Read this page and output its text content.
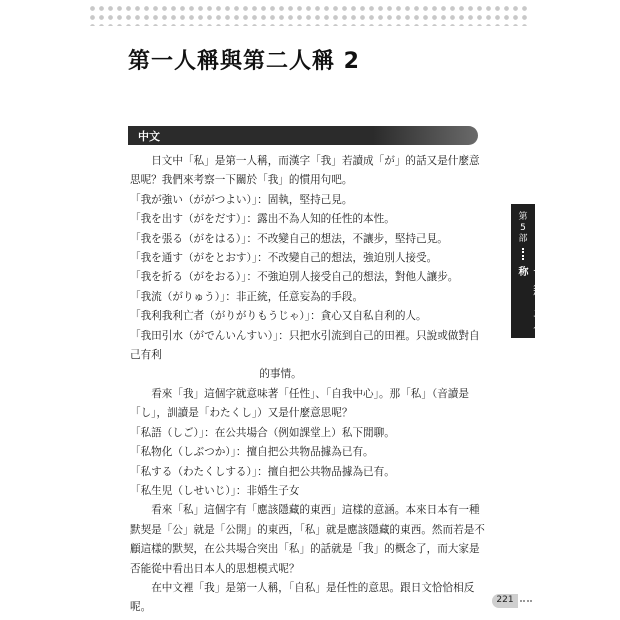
第一人稱與第二人稱 2
中文

日文中「私」是第一人稱，而漢字「我」若讀成「が」的話又是什麼意思呢？我們來考察一下關於「我」的慣用句吧。

「我が強い（ががつよい）」：固執，堅持己見。

「我を出す（がをだす）」：露出不為人知的任性的本性。

「我を張る（がをはる）」：不改變自己的想法，不讓步，堅持己見。

「我を通す（がをとおす）」：不改變自己的想法，強迫別人接受。

「我を折る（がをおる）」：不強迫別人接受自己的想法，對他人讓步。

「我流（がりゅう）」：非正統，任意妄為的手段。

「我利我利亡者（がりがりもうじゃ）」：貪心又自私自利的人。

「我田引水（がでんいんすい）」：只把水引流到自己的田裡。只說或做對自己有利

的事情。

看來「我」這個字就意味著「任性」、「自我中心」。那「私」（音讀是「し」，訓讀是「わたくし」）又是什麼意思呢？

「私語（しご）」：在公共場合（例如課堂上）私下閒聊。

「私物化（しぶつか）」：擅自把公共物品據為已有。

「私する（わたくしする）」：擅自把公共物品據為已有。

「私生児（しせいじ）」：非婚生子女

看來「私」這個字有「應該隱藏的東西」這樣的意涵。本來日本有一種默契是「公」就是「公開」的東西，「私」就是應該隱藏的東西。然而若是不顧這樣的默契，在公共場合突出「私」的話就是「我」的概念了，而大家是否能從中看出日本人的思想模式呢？

在中文裡「我」是第一人稱，「自私」是任性的意思。跟日文恰恰相反呢。

第
5
部
一人称と二人称
221
